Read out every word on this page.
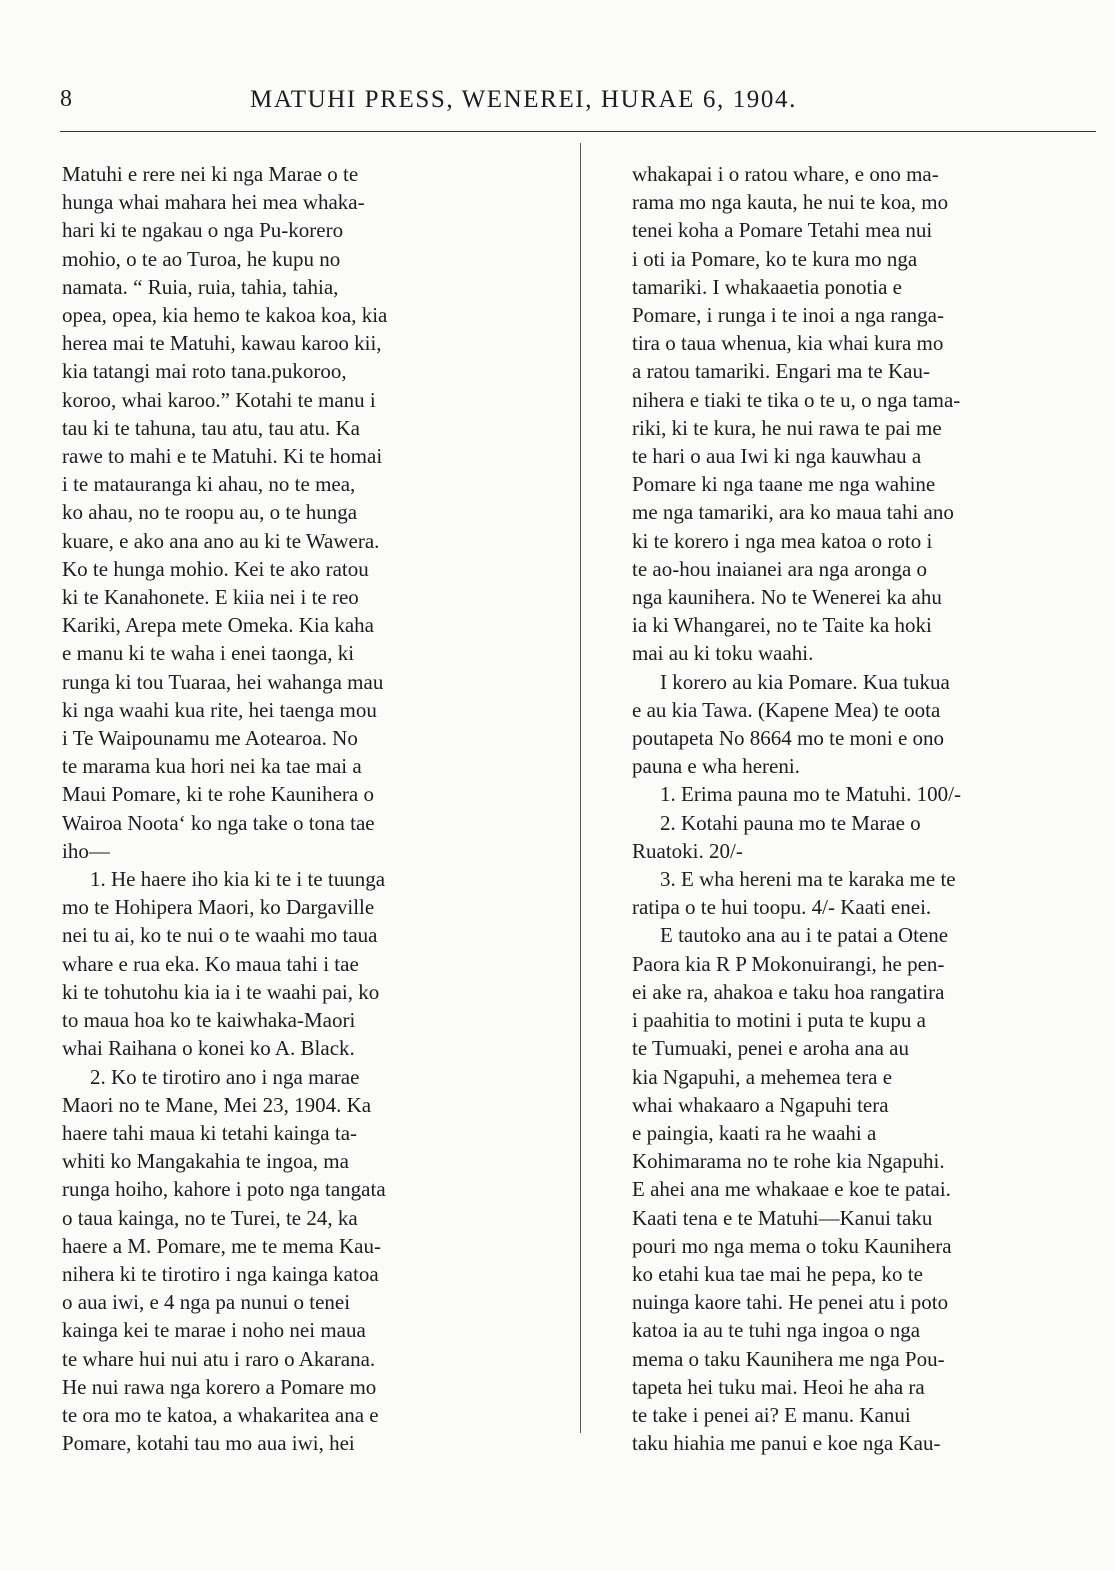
8	MATUHI PRESS, WENEREI, HURAE 6, 1904.
Matuhi e rere nei ki nga Marae o te
hunga whai mahara hei mea whaka-
hari ki te ngakau o nga Pu-korero
mohio, o te ao Turoa, he kupu no
namata. “ Ruia, ruia, tahia, tahia,
opea, opea, kia hemo te kakoa koa, kia
herea mai te Matuhi, kawau karoo kii,
kia tatangi mai roto tana.pukoroo,
koroo, whai karoo.” Kotahi te manu i
tau ki te tahuna, tau atu, tau atu. Ka
rawe to mahi e te Matuhi. Ki te homai
i te matauranga ki ahau, no te mea,
ko ahau, no te roopu au, o te hunga
kuare, e ako ana ano au ki te Wawera.
Ko te hunga mohio. Kei te ako ratou
ki te Kanahonete. E kiia nei i te reo
Kariki, Arepa mete Omeka. Kia kaha
e manu ki te waha i enei taonga, ki
runga ki tou Tuaraa, hei wahanga mau
ki nga waahi kua rite, hei taenga mou
i Te Waipounamu me Aotearoa. No
te marama kua hori nei ka tae mai a
Maui Pomare, ki te rohe Kaunihera o
Wairoa Noota‘ ko nga take o tona tae
iho—
1. He haere iho kia ki te i te tuunga
mo te Hohipera Maori, ko Dargaville
nei tu ai, ko te nui o te waahi mo taua
whare e rua eka. Ko maua tahi i tae
ki te tohutohu kia ia i te waahi pai, ko
to maua hoa ko te kaiwhaka-Maori
whai Raihana o konei ko A. Black.
2. Ko te tirotiro ano i nga marae
Maori no te Mane, Mei 23, 1904. Ka
haere tahi maua ki tetahi kainga ta-
whiti ko Mangakahia te ingoa, ma
runga hoiho, kahore i poto nga tangata
o taua kainga, no te Turei, te 24, ka
haere a M. Pomare, me te mema Kau-
nihera ki te tirotiro i nga kainga katoa
o aua iwi, e 4 nga pa nunui o tenei
kainga kei te marae i noho nei maua
te whare hui nui atu i raro o Akarana.
He nui rawa nga korero a Pomare mo
te ora mo te katoa, a whakaritea ana e
Pomare, kotahi tau mo aua iwi, hei
whakapai i o ratou whare, e ono ma-
rama mo nga kauta, he nui te koa, mo
tenei koha a Pomare Tetahi mea nui
i oti ia Pomare, ko te kura mo nga
tamariki. I whakaaetia ponotia e
Pomare, i runga i te inoi a nga ranga-
tira o taua whenua, kia whai kura mo
a ratou tamariki. Engari ma te Kau-
nihera e tiaki te tika o te u, o nga tama-
riki, ki te kura, he nui rawa te pai me
te hari o aua Iwi ki nga kauwhau a
Pomare ki nga taane me nga wahine
me nga tamariki, ara ko maua tahi ano
ki te korero i nga mea katoa o roto i
te ao-hou inaianei ara nga aronga o
nga kaunihera. No te Wenerei ka ahu
ia ki Whangarei, no te Taite ka hoki
mai au ki toku waahi.
I korero au kia Pomare. Kua tukua
e au kia Tawa. (Kapene Mea) te oota
poutapeta No 8664 mo te moni e ono
pauna e wha hereni.
1. Erima pauna mo te Matuhi. 100/-
2. Kotahi pauna mo te Marae o
Ruatoki. 20/-
3. E wha hereni ma te karaka me te
ratipa o te hui toopu. 4/- Kaati enei.
E tautoko ana au i te patai a Otene
Paora kia R P Mokonuirangi, he pen-
ei ake ra, ahakoa e taku hoa rangatira
i paahitia to motini i puta te kupu a
te Tumuaki, penei e aroha ana au
kia Ngapuhi, a mehemea tera e
whai whakaaro a Ngapuhi tera
e paingia, kaati ra he waahi a
Kohimarama no te rohe kia Ngapuhi.
E ahei ana me whakaae e koe te patai.
Kaati tena e te Matuhi—Kanui taku
pouri mo nga mema o toku Kaunihera
ko etahi kua tae mai he pepa, ko te
nuinga kaore tahi. He penei atu i poto
katoa ia au te tuhi nga ingoa o nga
mema o taku Kaunihera me nga Pou-
tapeta hei tuku mai. Heoi he aha ra
te take i penei ai? E manu. Kanui
taku hiahia me panui e koe nga Kau-
